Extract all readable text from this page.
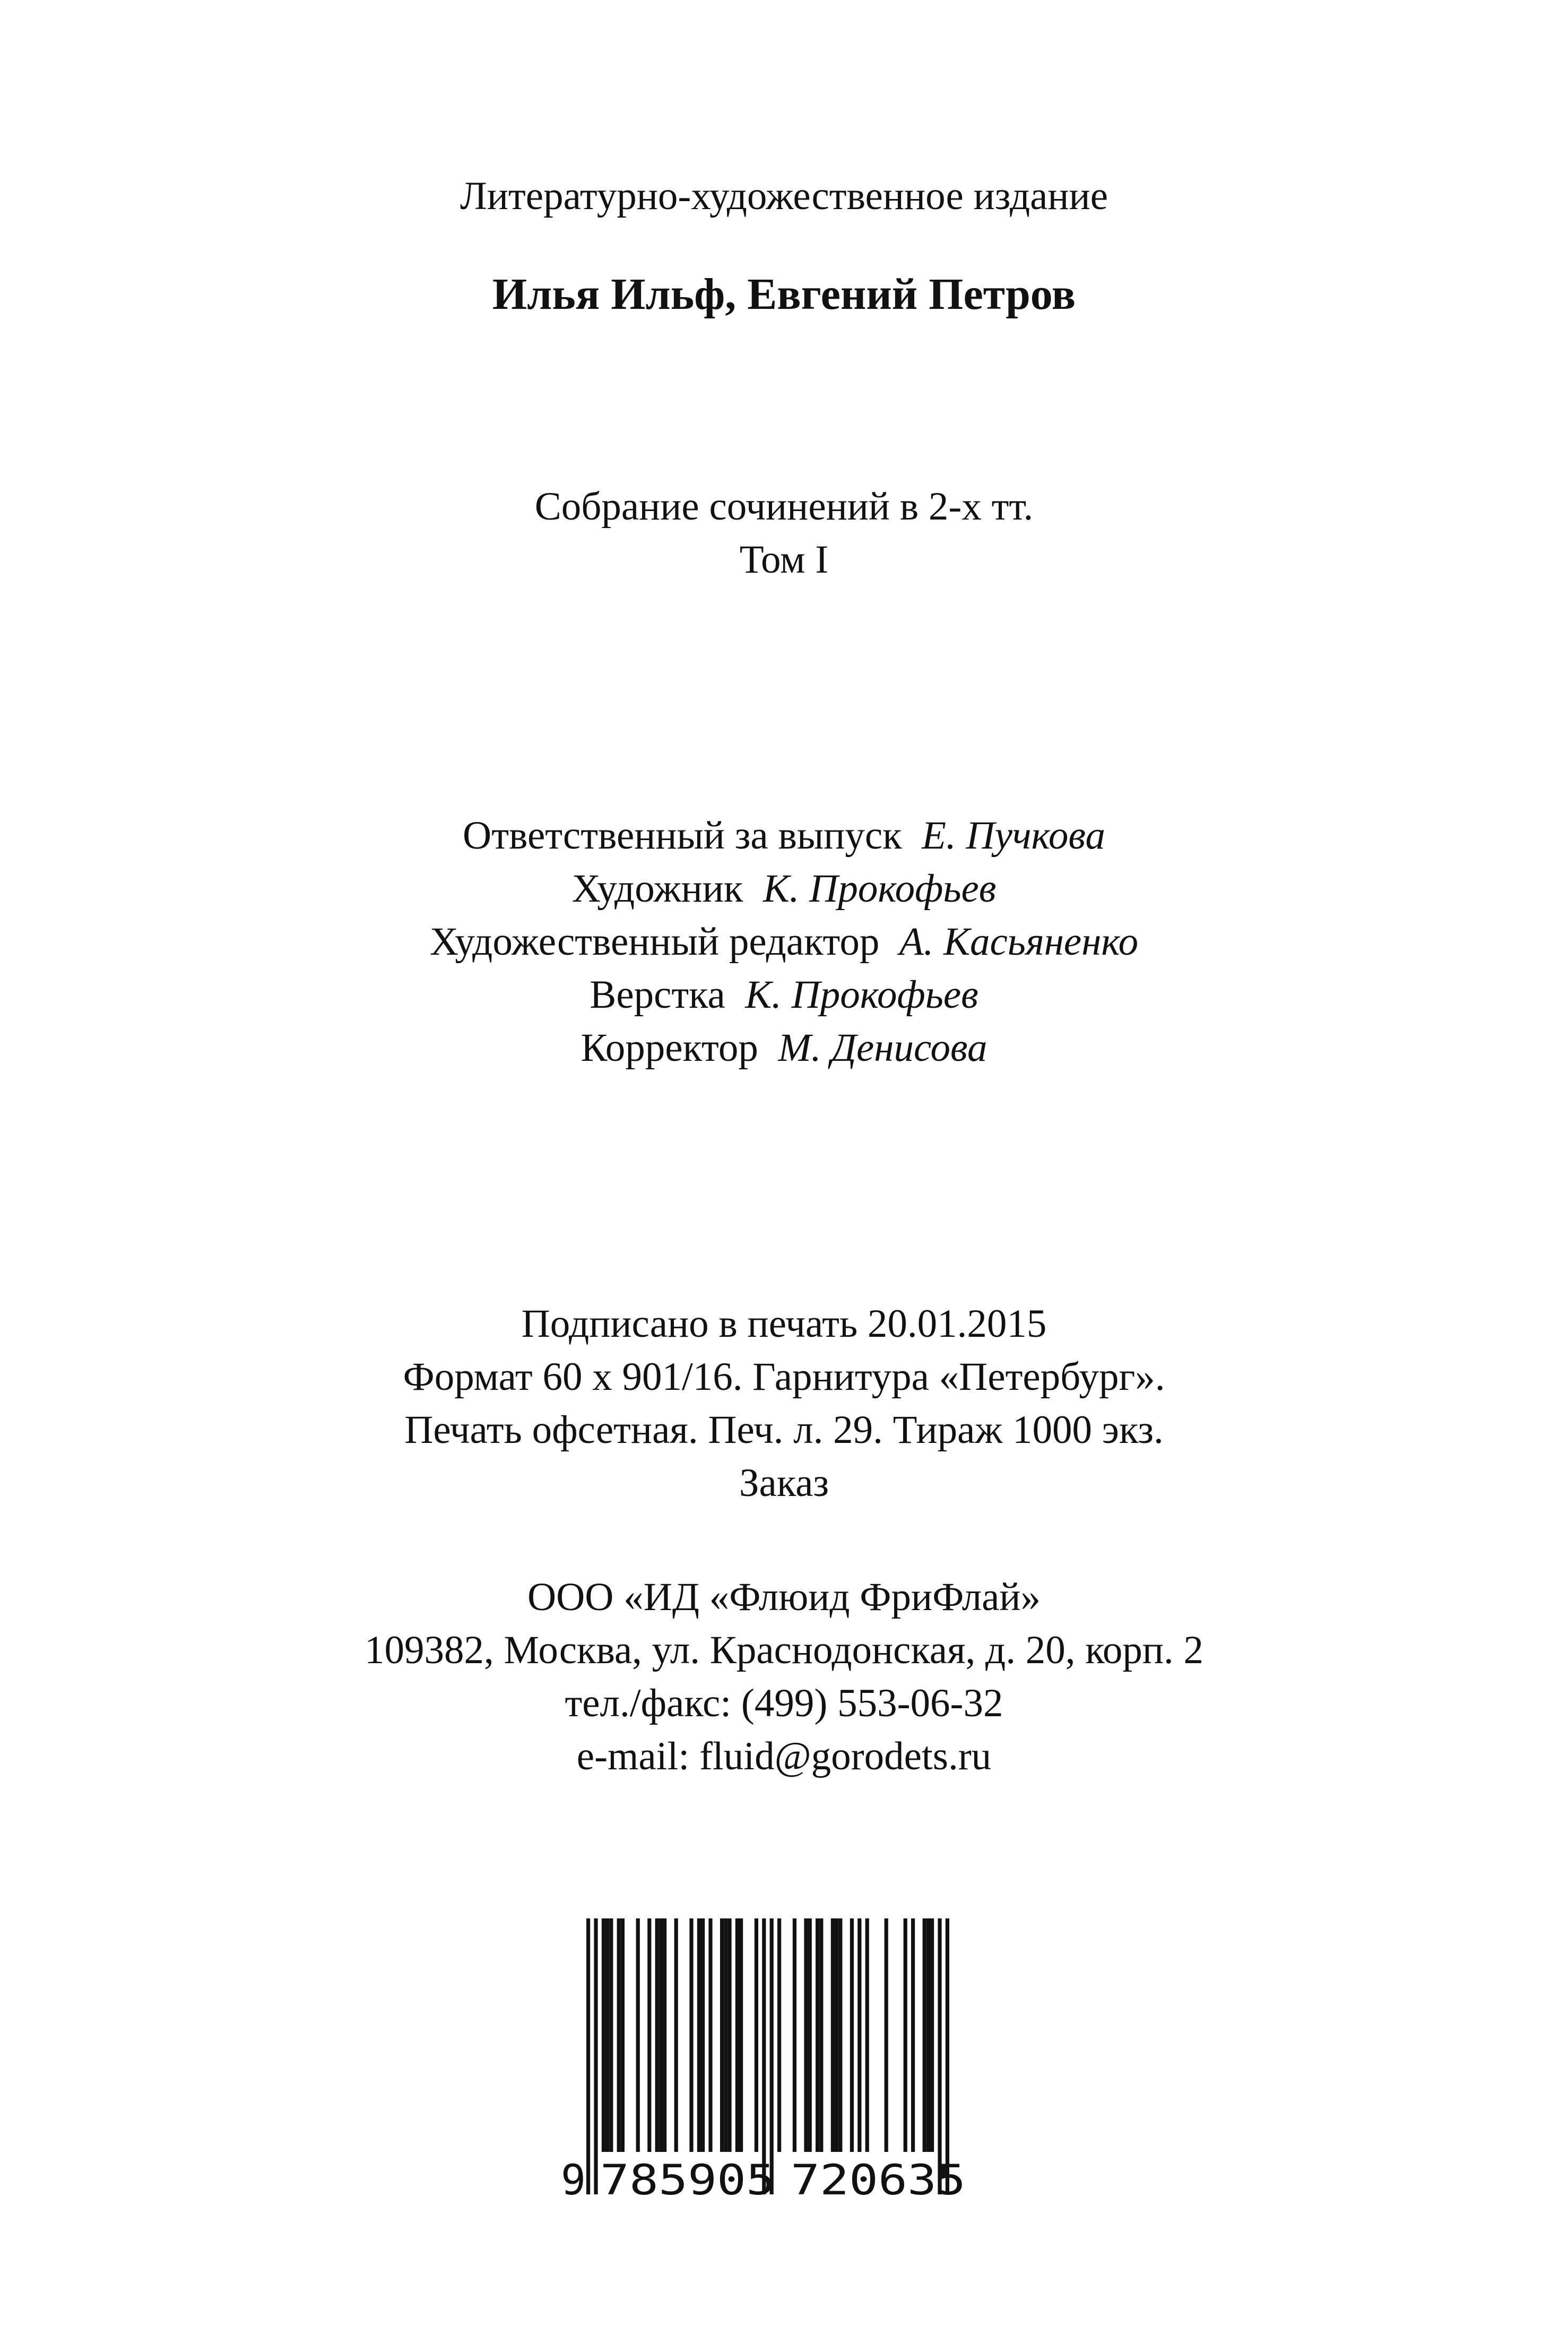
Литературно-художественное издание
Илья Ильф, Евгений Петров
Собрание сочинений в 2-х тт.
Том I
Ответственный за выпуск Е. Пучкова
Художник К. Прокофьев
Художественный редактор А. Касьяненко
Верстка К. Прокофьев
Корректор М. Денисова
Подписано в печать 20.01.2015
Формат 60 x 901/16. Гарнитура «Петербург».
Печать офсетная. Печ. л. 29. Тираж 1000 экз.
Заказ
ООО «ИД «Флюид ФриФлай»
109382, Москва, ул. Краснодонская, д. 20, корп. 2
тел./факс: (499) 553-06-32
e-mail: fluid@gorodets.ru
9 785905 720635
